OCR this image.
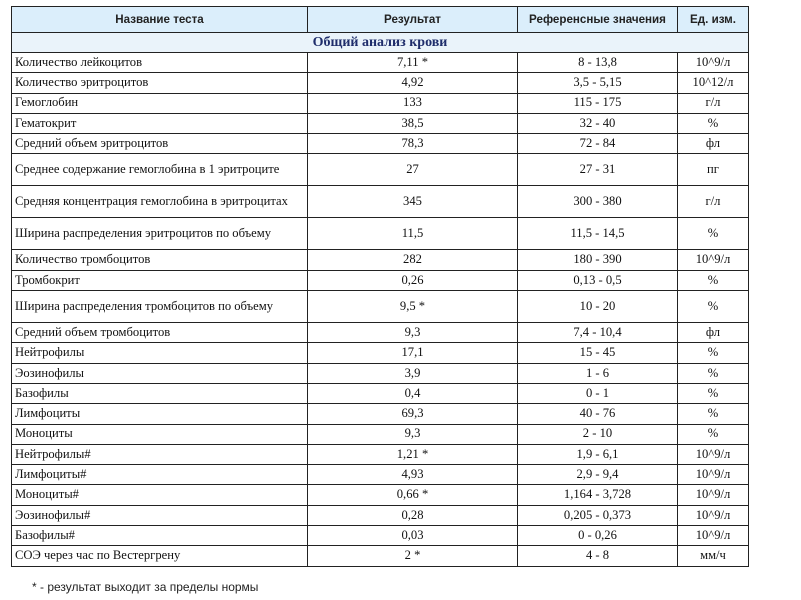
Название теста	Результат	Референсные значения	Ед. изм.
Общий анализ крови			
Количество лейкоцитов	7,11 *	8 - 13,8	10^9/л
Количество эритроцитов	4,92	3,5 - 5,15	10^12/л
Гемоглобин	133	115 - 175	г/л
Гематокрит	38,5	32 - 40	%
Средний объем эритроцитов	78,3	72 - 84	фл
Среднее содержание гемоглобина в 1 эритроците	27	27 - 31	пг
Средняя концентрация гемоглобина в эритроцитах	345	300 - 380	г/л
Ширина распределения эритроцитов по объему	11,5	11,5 - 14,5	%
Количество тромбоцитов	282	180 - 390	10^9/л
Тромбокрит	0,26	0,13 - 0,5	%
Ширина распределения тромбоцитов по объему	9,5 *	10 - 20	%
Средний объем тромбоцитов	9,3	7,4 - 10,4	фл
Нейтрофилы	17,1	15 - 45	%
Эозинофилы	3,9	1 - 6	%
Базофилы	0,4	0 - 1	%
Лимфоциты	69,3	40 - 76	%
Моноциты	9,3	2 - 10	%
Нейтрофилы#	1,21 *	1,9 - 6,1	10^9/л
Лимфоциты#	4,93	2,9 - 9,4	10^9/л
Моноциты#	0,66 *	1,164 - 3,728	10^9/л
Эозинофилы#	0,28	0,205 - 0,373	10^9/л
Базофилы#	0,03	0 - 0,26	10^9/л
СОЭ через час по Вестергрену	2 *	4 - 8	мм/ч
* - результат выходит за пределы нормы
